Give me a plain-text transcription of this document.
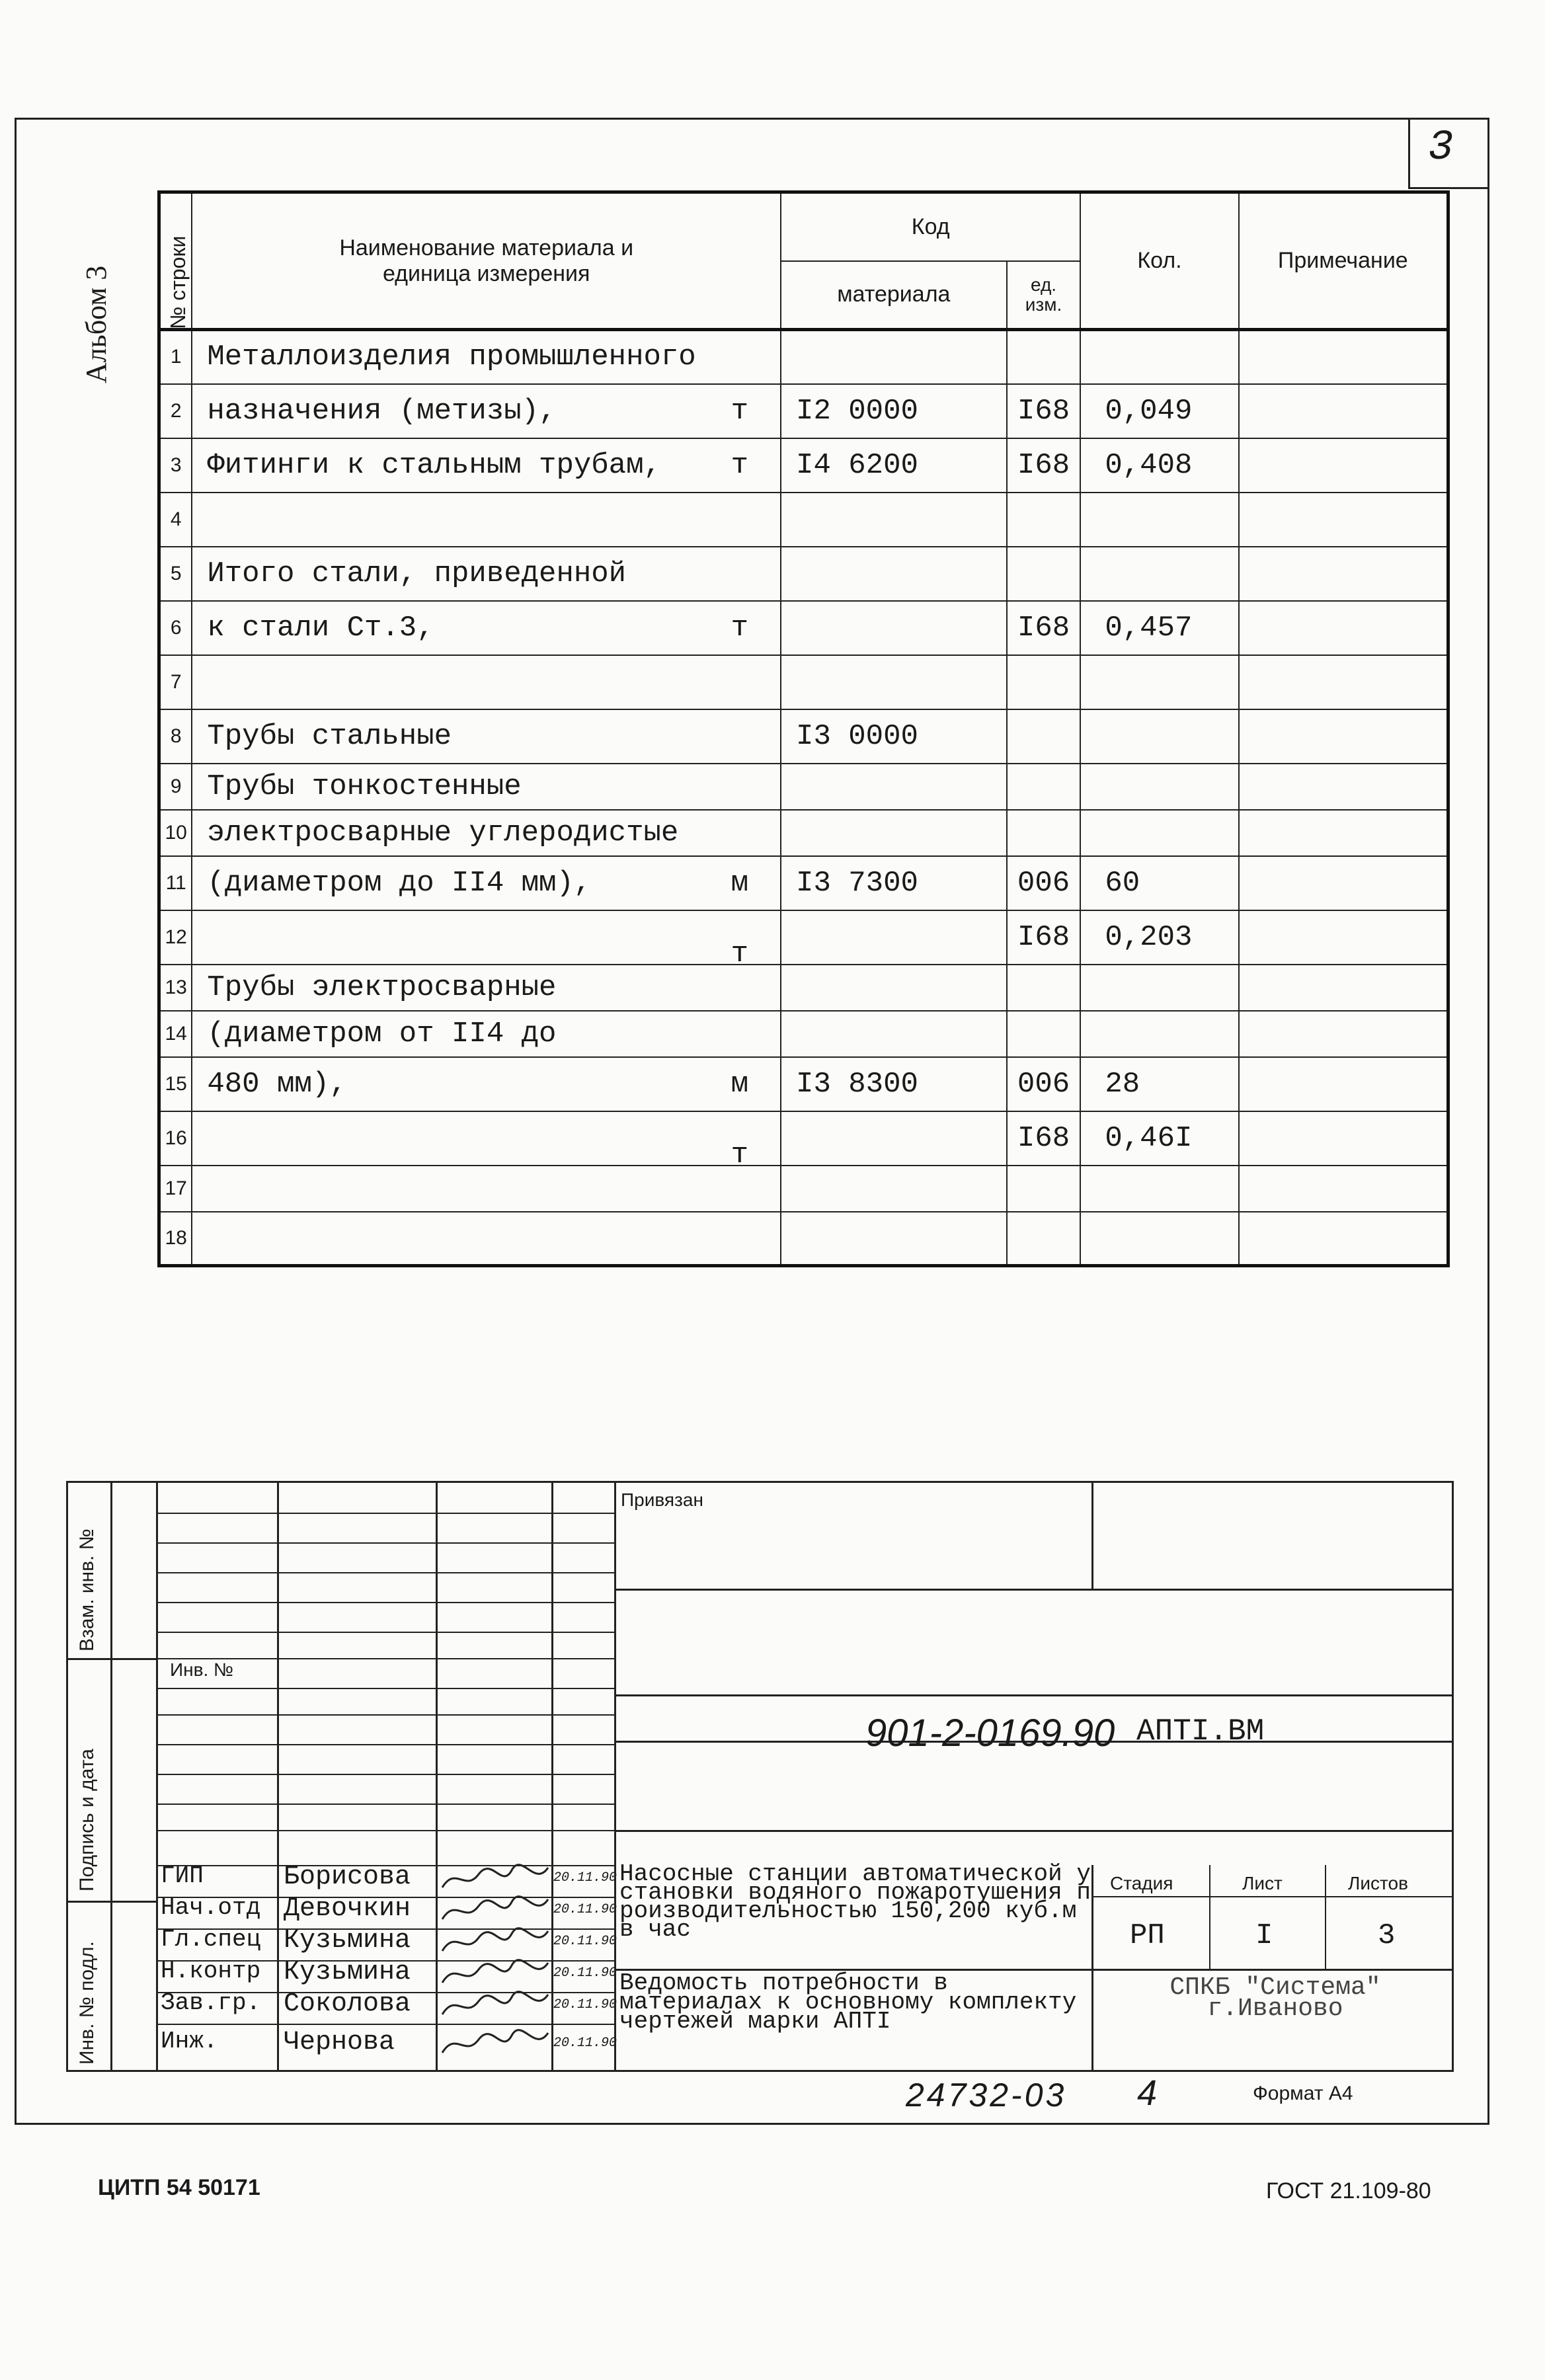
3
Альбом 3	№ строки	Наименование материала и единица измерения	Код		Кол.	Примечание
		материала	ед. изм.		

1	Металлоизделия промышленного

2	назначения (метизы), т	I2 0000	I68	0,049	
3	Фитинги к стальным трубам, т	I4 6200	I68	0,408	
4	

5	Итого стали, приведенной

6	к стали Ст.3, т		I68	0,457	
7	

8	Трубы стальные	I3 0000			
9	Трубы тонкостенные

10	электросварные углеродистые

11	(диаметром до II4 мм), м	I3 7300	006	60	
12	т		I68	0,203	
13	Трубы электросварные

14	(диаметром от II4 до

15	480 мм), м	I3 8300	006	28	
16	т		I68	0,46I	
17	

18	

Взам. инв. №
Подпись и дата
Инв. № подл.
ГИП	Борисова	20.11.90
Нач.отд Девочкин	20.11.90
Гл.спец Кузьмина	20.11.90
Н.контр Кузьмина	20.11.90
Зав.гр. Соколова	20.11.90
Инж. Чернова	20.11.90
Привязан
901-2-0169.90 АПТI.ВМ
Насосные станции автоматической установки водяного пожаротушения производительностью 150,200 куб.м в час
Стадия	Лист	Листов
РП	I	3
Ведомость потребности в материалах к основному комплекту чертежей марки АПТI
СПКБ "Система" г.Иваново
Инв. №
24732-03 4	Формат А4
ЦИТП 54 50171	ГОСТ 21.109-80
